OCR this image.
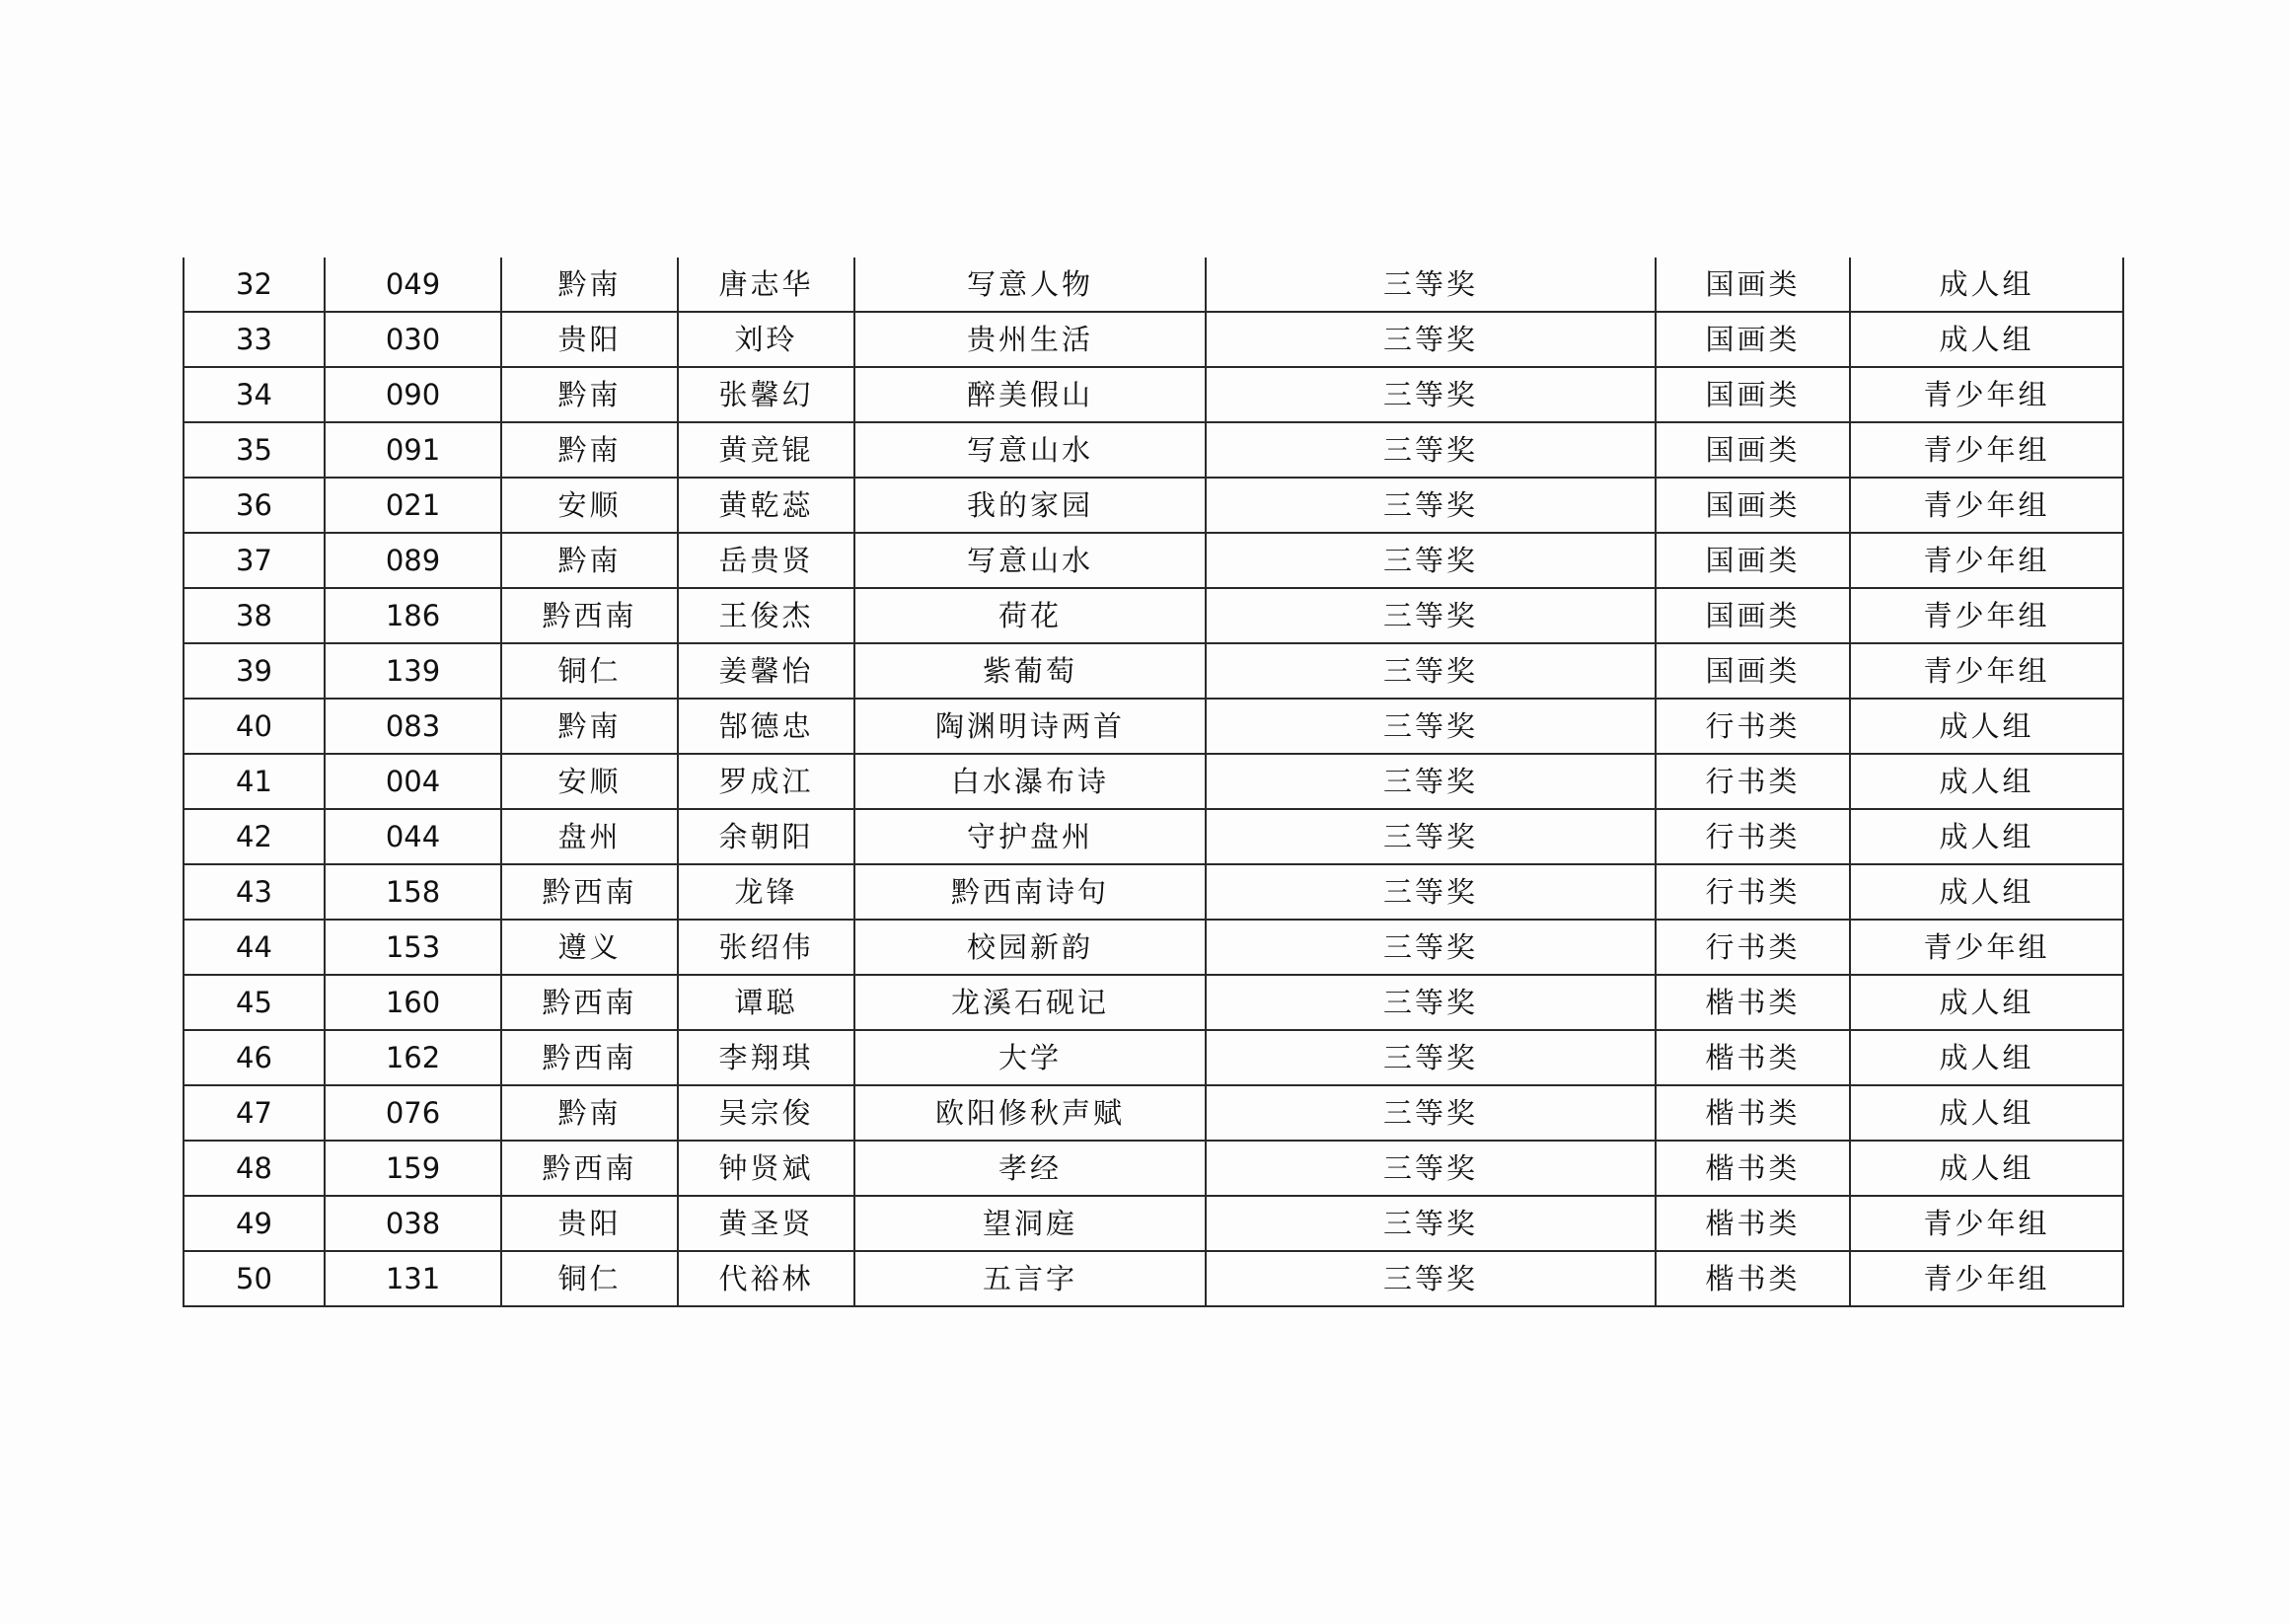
32	049	黔南	唐志华	写意人物	三等奖	国画类	成人组
33	030	贵阳	刘玲	贵州生活	三等奖	国画类	成人组
34	090	黔南	张馨幻	醉美假山	三等奖	国画类	青少年组
35	091	黔南	黄竞锟	写意山水	三等奖	国画类	青少年组
36	021	安顺	黄乾蕊	我的家园	三等奖	国画类	青少年组
37	089	黔南	岳贵贤	写意山水	三等奖	国画类	青少年组
38	186	黔西南	王俊杰	荷花	三等奖	国画类	青少年组
39	139	铜仁	姜馨怡	紫葡萄	三等奖	国画类	青少年组
40	083	黔南	郜德忠	陶渊明诗两首	三等奖	行书类	成人组
41	004	安顺	罗成江	白水瀑布诗	三等奖	行书类	成人组
42	044	盘州	余朝阳	守护盘州	三等奖	行书类	成人组
43	158	黔西南	龙锋	黔西南诗句	三等奖	行书类	成人组
44	153	遵义	张绍伟	校园新韵	三等奖	行书类	青少年组
45	160	黔西南	谭聪	龙溪石砚记	三等奖	楷书类	成人组
46	162	黔西南	李翔琪	大学	三等奖	楷书类	成人组
47	076	黔南	吴宗俊	欧阳修秋声赋	三等奖	楷书类	成人组
48	159	黔西南	钟贤斌	孝经	三等奖	楷书类	成人组
49	038	贵阳	黄圣贤	望洞庭	三等奖	楷书类	青少年组
50	131	铜仁	代裕林	五言字	三等奖	楷书类	青少年组
